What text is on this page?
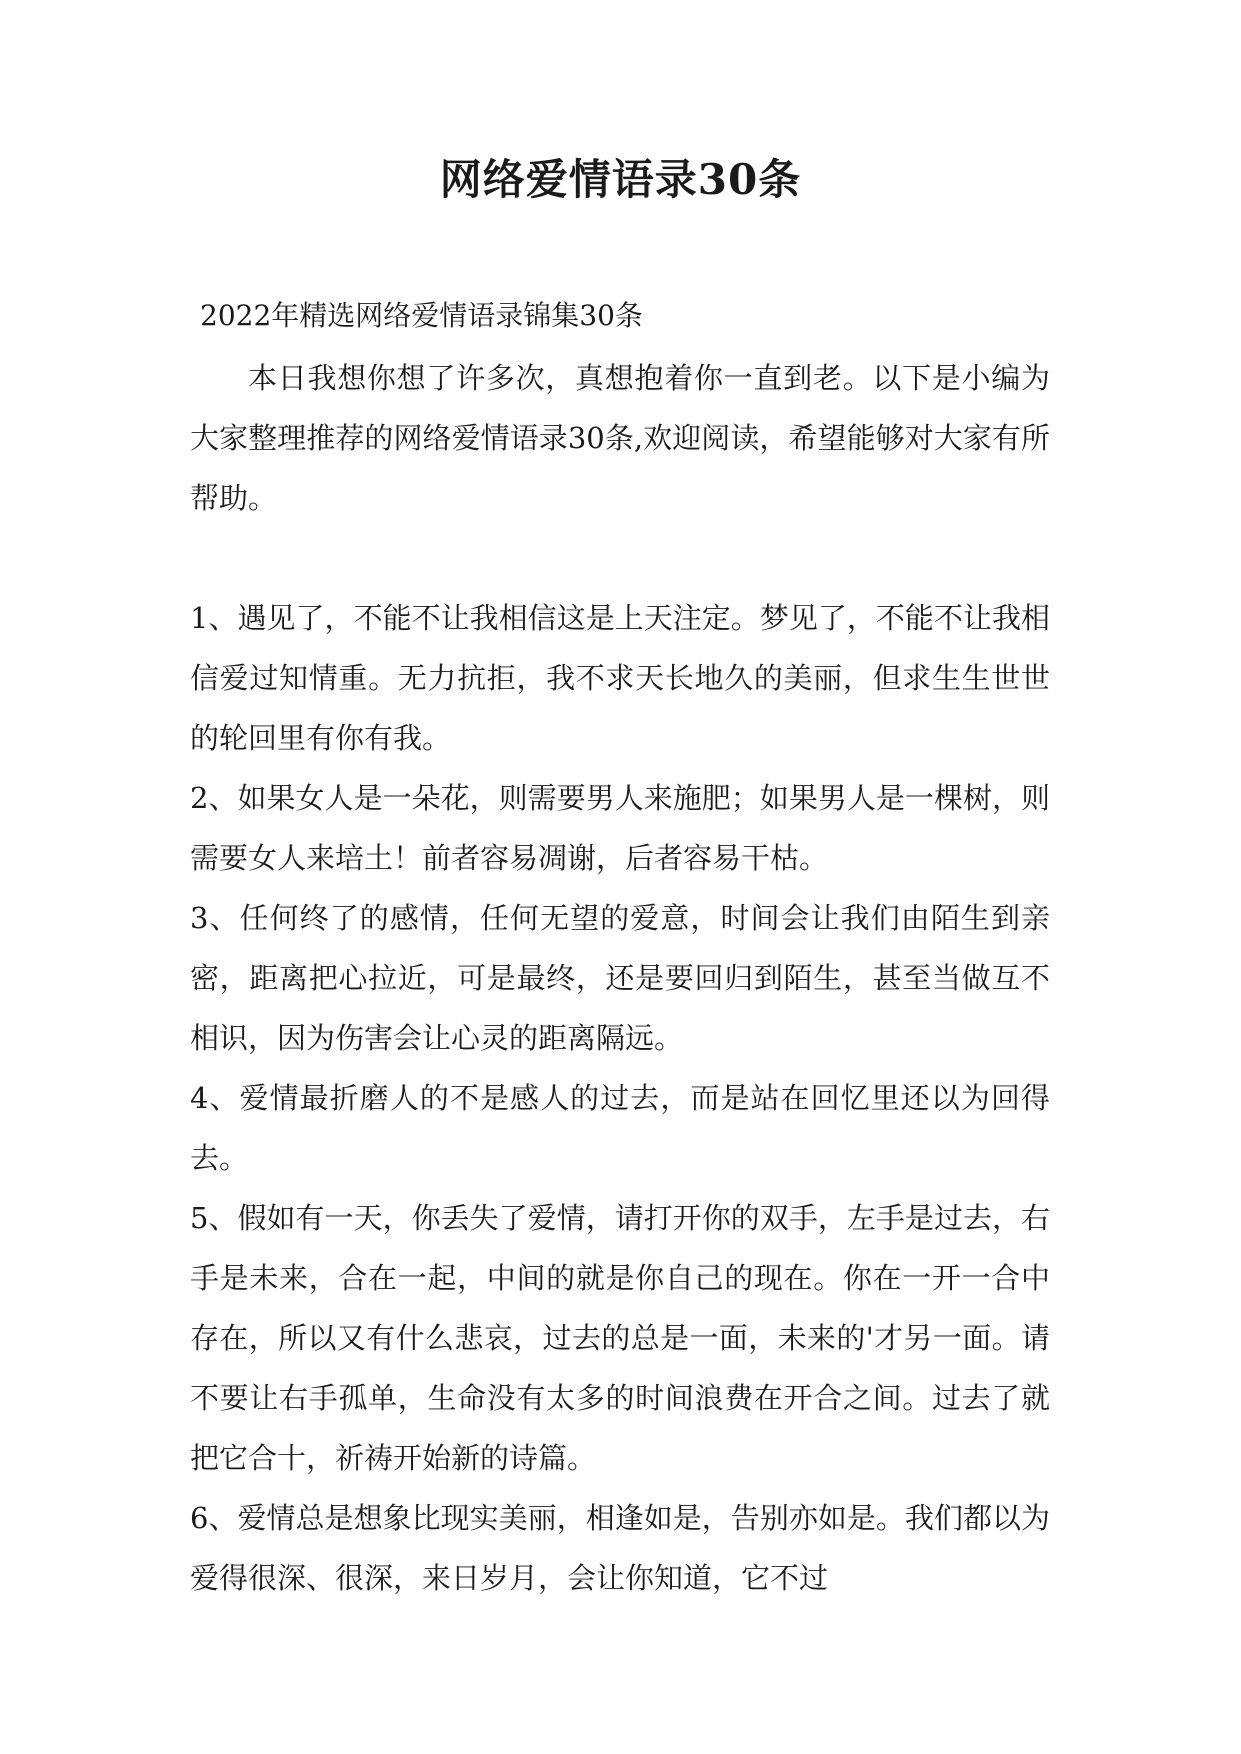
网络爱情语录30条
2022年精选网络爱情语录锦集30条

本日我想你想了许多次，真想抱着你一直到老。以下是小编为大家整理推荐的网络爱情语录30条,欢迎阅读，希望能够对大家有所帮助。

1、遇见了，不能不让我相信这是上天注定。梦见了，不能不让我相信爱过知情重。无力抗拒，我不求天长地久的美丽，但求生生世世的轮回里有你有我。

2、如果女人是一朵花，则需要男人来施肥；如果男人是一棵树，则需要女人来培土！前者容易凋谢，后者容易干枯。

3、任何终了的感情，任何无望的爱意，时间会让我们由陌生到亲密，距离把心拉近，可是最终，还是要回归到陌生，甚至当做互不相识，因为伤害会让心灵的距离隔远。

4、爱情最折磨人的不是感人的过去，而是站在回忆里还以为回得去。

5、假如有一天，你丢失了爱情，请打开你的双手，左手是过去，右手是未来，合在一起，中间的就是你自己的现在。你在一开一合中存在，所以又有什么悲哀，过去的总是一面，未来的'才另一面。请不要让右手孤单，生命没有太多的时间浪费在开合之间。过去了就把它合十，祈祷开始新的诗篇。

6、爱情总是想象比现实美丽，相逢如是，告别亦如是。我们都以为爱得很深、很深，来日岁月，会让你知道，它不过
